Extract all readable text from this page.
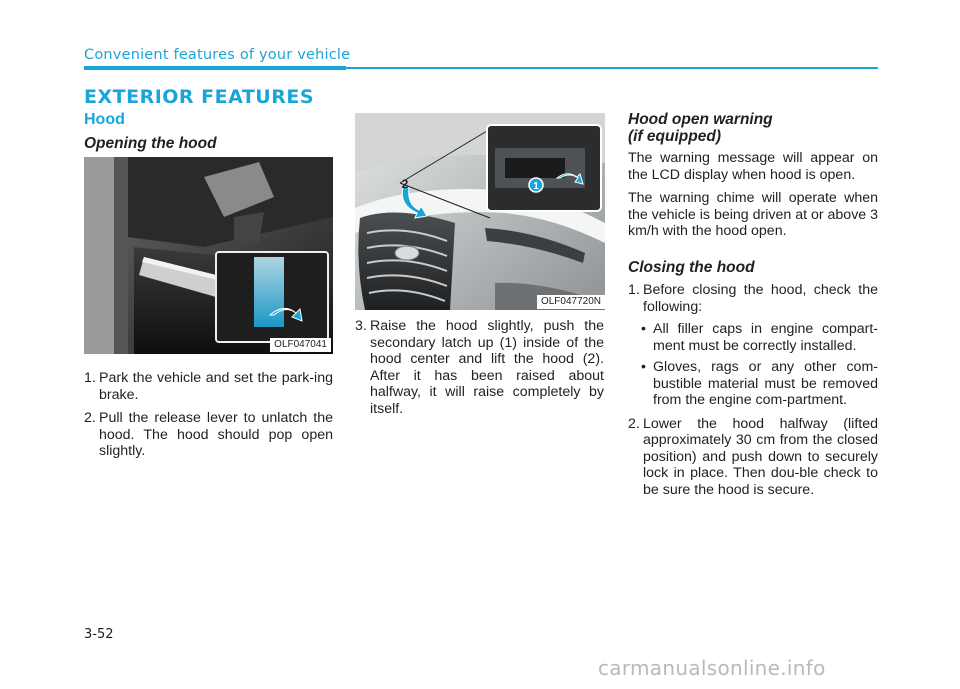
Convenient features of your vehicle
EXTERIOR FEATURES
Hood
Opening the hood
OLF047041
1. Park the vehicle and set the park-ing brake.
2. Pull the release lever to unlatch the hood. The hood should pop open slightly.
1
2
OLF047720N
3. Raise the hood slightly, push the secondary latch up (1) inside of the hood center and lift the hood (2). After it has been raised about halfway, it will raise completely by itself.
Hood open warning
(if equipped)

The warning message will appear on the LCD display when hood is open.

The warning chime will operate when the vehicle is being driven at or above 3 km/h with the hood open.

Closing the hood
1. Before closing the hood, check the following:
• All filler caps in engine compart-ment must be correctly installed.
• Gloves, rags or any other com-bustible material must be removed from the engine com-partment.
2. Lower the hood halfway (lifted approximately 30 cm from the closed position) and push down to securely lock in place. Then dou-ble check to be sure the hood is secure.
3-52
carmanualsonline.info
